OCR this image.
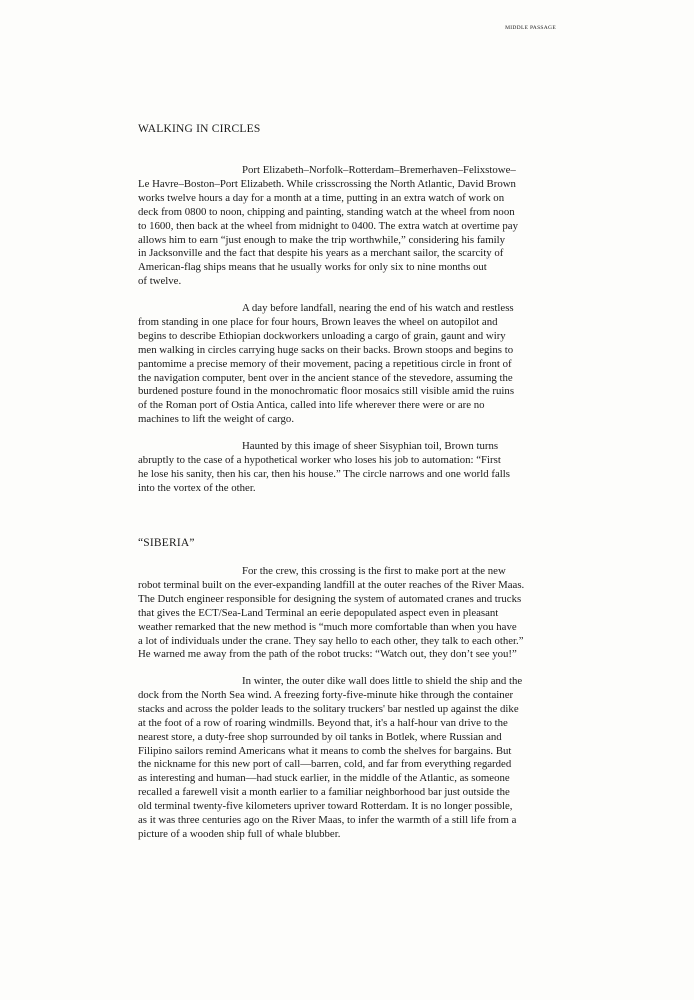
MIDDLE PASSAGE
WALKING IN CIRCLES

Port Elizabeth–Norfolk–Rotterdam–Bremerhaven–Felixstowe–
Le Havre–Boston–Port Elizabeth. While crisscrossing the North Atlantic, David Brown
works twelve hours a day for a month at a time, putting in an extra watch of work on
deck from 0800 to noon, chipping and painting, standing watch at the wheel from noon
to 1600, then back at the wheel from midnight to 0400. The extra watch at overtime pay
allows him to earn “just enough to make the trip worthwhile,” considering his family
in Jacksonville and the fact that despite his years as a merchant sailor, the scarcity of
American-flag ships means that he usually works for only six to nine months out
of twelve.

A day before landfall, nearing the end of his watch and restless
from standing in one place for four hours, Brown leaves the wheel on autopilot and
begins to describe Ethiopian dockworkers unloading a cargo of grain, gaunt and wiry
men walking in circles carrying huge sacks on their backs. Brown stoops and begins to
pantomime a precise memory of their movement, pacing a repetitious circle in front of
the navigation computer, bent over in the ancient stance of the stevedore, assuming the
burdened posture found in the monochromatic floor mosaics still visible amid the ruins
of the Roman port of Ostia Antica, called into life wherever there were or are no
machines to lift the weight of cargo.

Haunted by this image of sheer Sisyphian toil, Brown turns
abruptly to the case of a hypothetical worker who loses his job to automation: “First
he lose his sanity, then his car, then his house.” The circle narrows and one world falls
into the vortex of the other.

“SIBERIA”

For the crew, this crossing is the first to make port at the new
robot terminal built on the ever-expanding landfill at the outer reaches of the River Maas.
The Dutch engineer responsible for designing the system of automated cranes and trucks
that gives the ECT/Sea-Land Terminal an eerie depopulated aspect even in pleasant
weather remarked that the new method is “much more comfortable than when you have
a lot of individuals under the crane. They say hello to each other, they talk to each other.”
He warned me away from the path of the robot trucks: “Watch out, they don’t see you!”

In winter, the outer dike wall does little to shield the ship and the
dock from the North Sea wind. A freezing forty-five-minute hike through the container
stacks and across the polder leads to the solitary truckers' bar nestled up against the dike
at the foot of a row of roaring windmills. Beyond that, it's a half-hour van drive to the
nearest store, a duty-free shop surrounded by oil tanks in Botlek, where Russian and
Filipino sailors remind Americans what it means to comb the shelves for bargains. But
the nickname for this new port of call—barren, cold, and far from everything regarded
as interesting and human—had stuck earlier, in the middle of the Atlantic, as someone
recalled a farewell visit a month earlier to a familiar neighborhood bar just outside the
old terminal twenty-five kilometers upriver toward Rotterdam. It is no longer possible,
as it was three centuries ago on the River Maas, to infer the warmth of a still life from a
picture of a wooden ship full of whale blubber.
